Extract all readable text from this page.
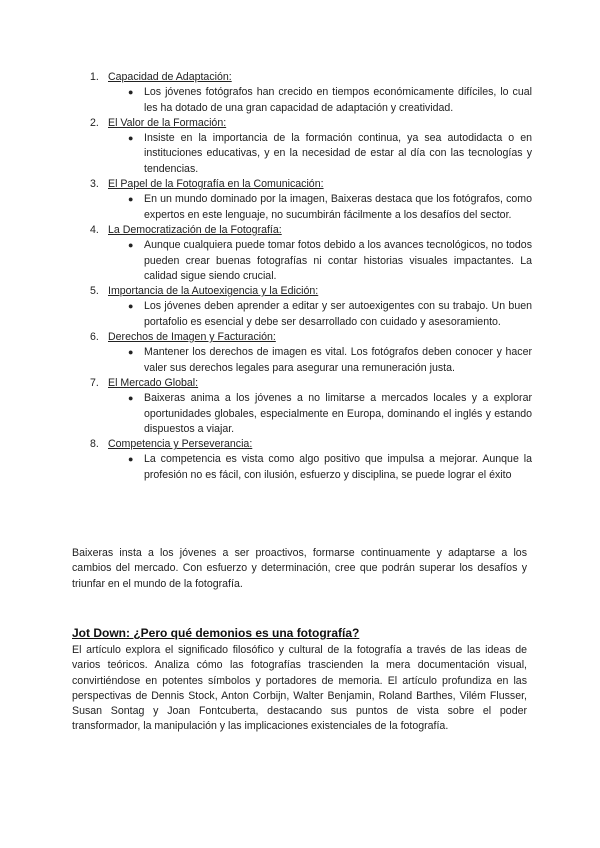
1. Capacidad de Adaptación:
● Los jóvenes fotógrafos han crecido en tiempos económicamente difíciles, lo cual les ha dotado de una gran capacidad de adaptación y creatividad.
2. El Valor de la Formación:
● Insiste en la importancia de la formación continua, ya sea autodidacta o en instituciones educativas, y en la necesidad de estar al día con las tecnologías y tendencias.
3. El Papel de la Fotografía en la Comunicación:
● En un mundo dominado por la imagen, Baixeras destaca que los fotógrafos, como expertos en este lenguaje, no sucumbirán fácilmente a los desafíos del sector.
4. La Democratización de la Fotografía:
● Aunque cualquiera puede tomar fotos debido a los avances tecnológicos, no todos pueden crear buenas fotografías ni contar historias visuales impactantes. La calidad sigue siendo crucial.
5. Importancia de la Autoexigencia y la Edición:
● Los jóvenes deben aprender a editar y ser autoexigentes con su trabajo. Un buen portafolio es esencial y debe ser desarrollado con cuidado y asesoramiento.
6. Derechos de Imagen y Facturación:
● Mantener los derechos de imagen es vital. Los fotógrafos deben conocer y hacer valer sus derechos legales para asegurar una remuneración justa.
7. El Mercado Global:
● Baixeras anima a los jóvenes a no limitarse a mercados locales y a explorar oportunidades globales, especialmente en Europa, dominando el inglés y estando dispuestos a viajar.
8. Competencia y Perseverancia:
● La competencia es vista como algo positivo que impulsa a mejorar. Aunque la profesión no es fácil, con ilusión, esfuerzo y disciplina, se puede lograr el éxito

Baixeras insta a los jóvenes a ser proactivos, formarse continuamente y adaptarse a los cambios del mercado. Con esfuerzo y determinación, cree que podrán superar los desafíos y triunfar en el mundo de la fotografía.

Jot Down: ¿Pero qué demonios es una fotografía?

El artículo explora el significado filosófico y cultural de la fotografía a través de las ideas de varios teóricos. Analiza cómo las fotografías trascienden la mera documentación visual, convirtiéndose en potentes símbolos y portadores de memoria. El artículo profundiza en las perspectivas de Dennis Stock, Anton Corbijn, Walter Benjamin, Roland Barthes, Vilém Flusser, Susan Sontag y Joan Fontcuberta, destacando sus puntos de vista sobre el poder transformador, la manipulación y las implicaciones existenciales de la fotografía.
